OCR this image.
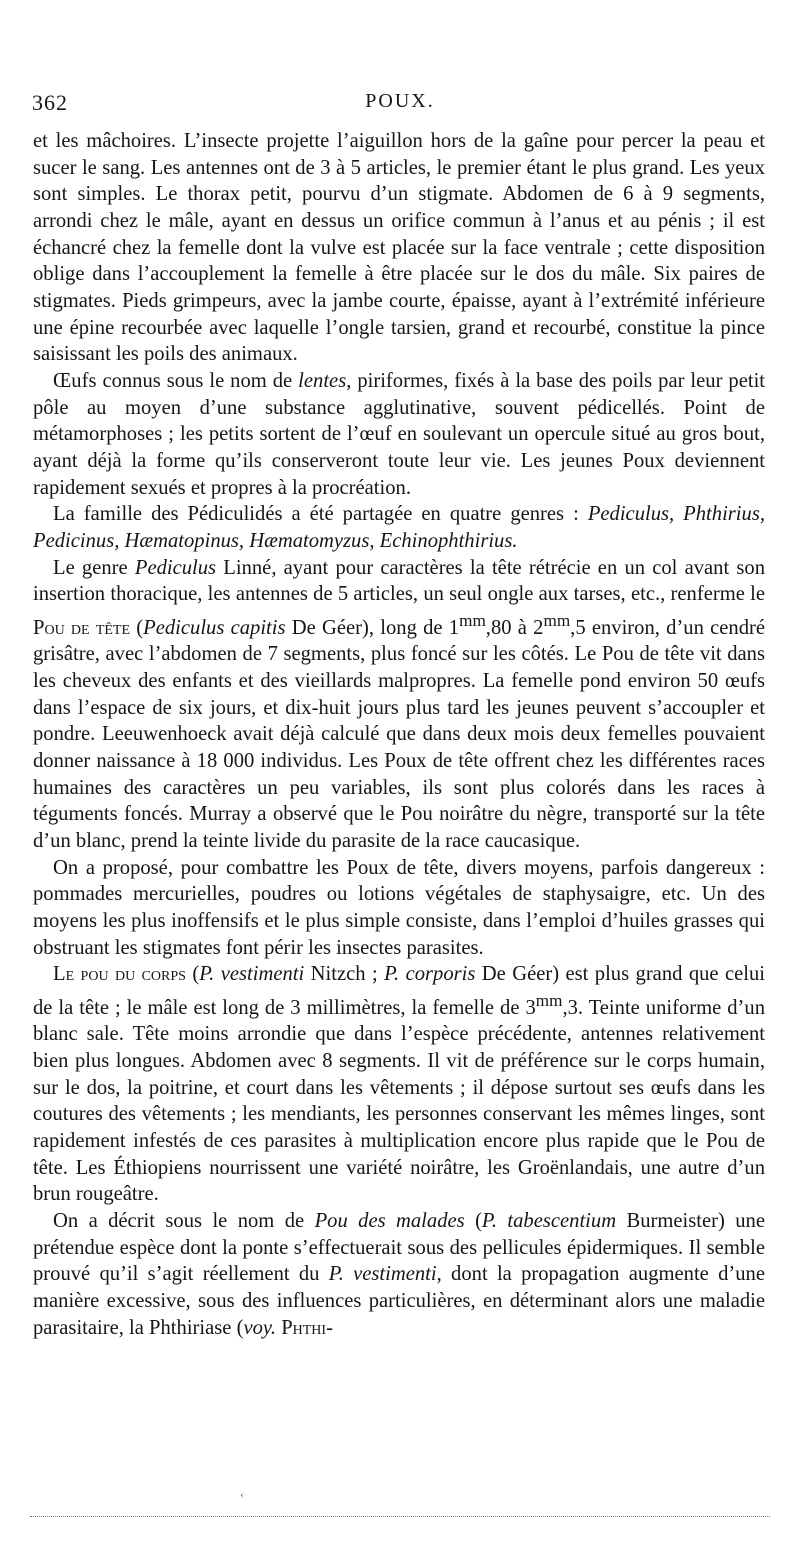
362	POUX.

et les mâchoires. L’insecte projette l’aiguillon hors de la gaîne pour percer la peau et sucer le sang. Les antennes ont de 3 à 5 articles, le premier étant le plus grand. Les yeux sont simples. Le thorax petit, pourvu d’un stigmate. Abdomen de 6 à 9 segments, arrondi chez le mâle, ayant en dessus un orifice commun à l’anus et au pénis ; il est échancré chez la femelle dont la vulve est placée sur la face ventrale ; cette disposition oblige dans l’accouplement la femelle à être placée sur le dos du mâle. Six paires de stigmates. Pieds grimpeurs, avec la jambe courte, épaisse, ayant à l’extrémité inférieure une épine recourbée avec laquelle l’ongle tarsien, grand et recourbé, constitue la pince saisissant les poils des animaux.

Œufs connus sous le nom de lentes, piriformes, fixés à la base des poils par leur petit pôle au moyen d’une substance agglutinative, souvent pédicellés. Point de métamorphoses ; les petits sortent de l’œuf en soulevant un opercule situé au gros bout, ayant déjà la forme qu’ils conserveront toute leur vie. Les jeunes Poux deviennent rapidement sexués et propres à la procréation.

La famille des Pédiculidés a été partagée en quatre genres : Pediculus, Phthirius, Pedicinus, Hæmatopinus, Hæmatomyzus, Echinophthirius.

Le genre Pediculus Linné, ayant pour caractères la tête rétrécie en un col avant son insertion thoracique, les antennes de 5 articles, un seul ongle aux tarses, etc., renferme le Pou de tête (Pediculus capitis De Géer), long de $1^{mm},80$ à $2^{mm},5$ environ, d’un cendré grisâtre, avec l’abdomen de 7 segments, plus foncé sur les côtés. Le Pou de tête vit dans les cheveux des enfants et des vieillards malpropres. La femelle pond environ 50 œufs dans l’espace de six jours, et dix-huit jours plus tard les jeunes peuvent s’accoupler et pondre. Leeuwenhoeck avait déjà calculé que dans deux mois deux femelles pouvaient donner naissance à 18 000 individus. Les Poux de tête offrent chez les différentes races humaines des caractères un peu variables, ils sont plus colorés dans les races à téguments foncés. Murray a observé que le Pou noirâtre du nègre, transporté sur la tête d’un blanc, prend la teinte livide du parasite de la race caucasique.

On a proposé, pour combattre les Poux de tête, divers moyens, parfois dangereux : pommades mercurielles, poudres ou lotions végétales de staphysaigre, etc. Un des moyens les plus inoffensifs et le plus simple consiste, dans l’emploi d’huiles grasses qui obstruant les stigmates font périr les insectes parasites.

Le pou du corps (P. vestimenti Nitzch ; P. corporis De Géer) est plus grand que celui de la tête ; le mâle est long de 3 millimètres, la femelle de $3^{mm},3$. Teinte uniforme d’un blanc sale. Tête moins arrondie que dans l’espèce précédente, antennes relativement bien plus longues. Abdomen avec 8 segments. Il vit de préférence sur le corps humain, sur le dos, la poitrine, et court dans les vêtements ; il dépose surtout ses œufs dans les coutures des vêtements ; les mendiants, les personnes conservant les mêmes linges, sont rapidement infestés de ces parasites à multiplication encore plus rapide que le Pou de tête. Les Éthiopiens nourrissent une variété noirâtre, les Groënlandais, une autre d’un brun rougeâtre.

On a décrit sous le nom de Pou des malades (P. tabescentium Burmeister) une prétendue espèce dont la ponte s’effectuerait sous des pellicules épidermiques. Il semble prouvé qu’il s’agit réellement du P. vestimenti, dont la propagation augmente d’une manière excessive, sous des influences particulières, en déterminant alors une maladie parasitaire, la Phthiriase (voy. Phthi-

‹
